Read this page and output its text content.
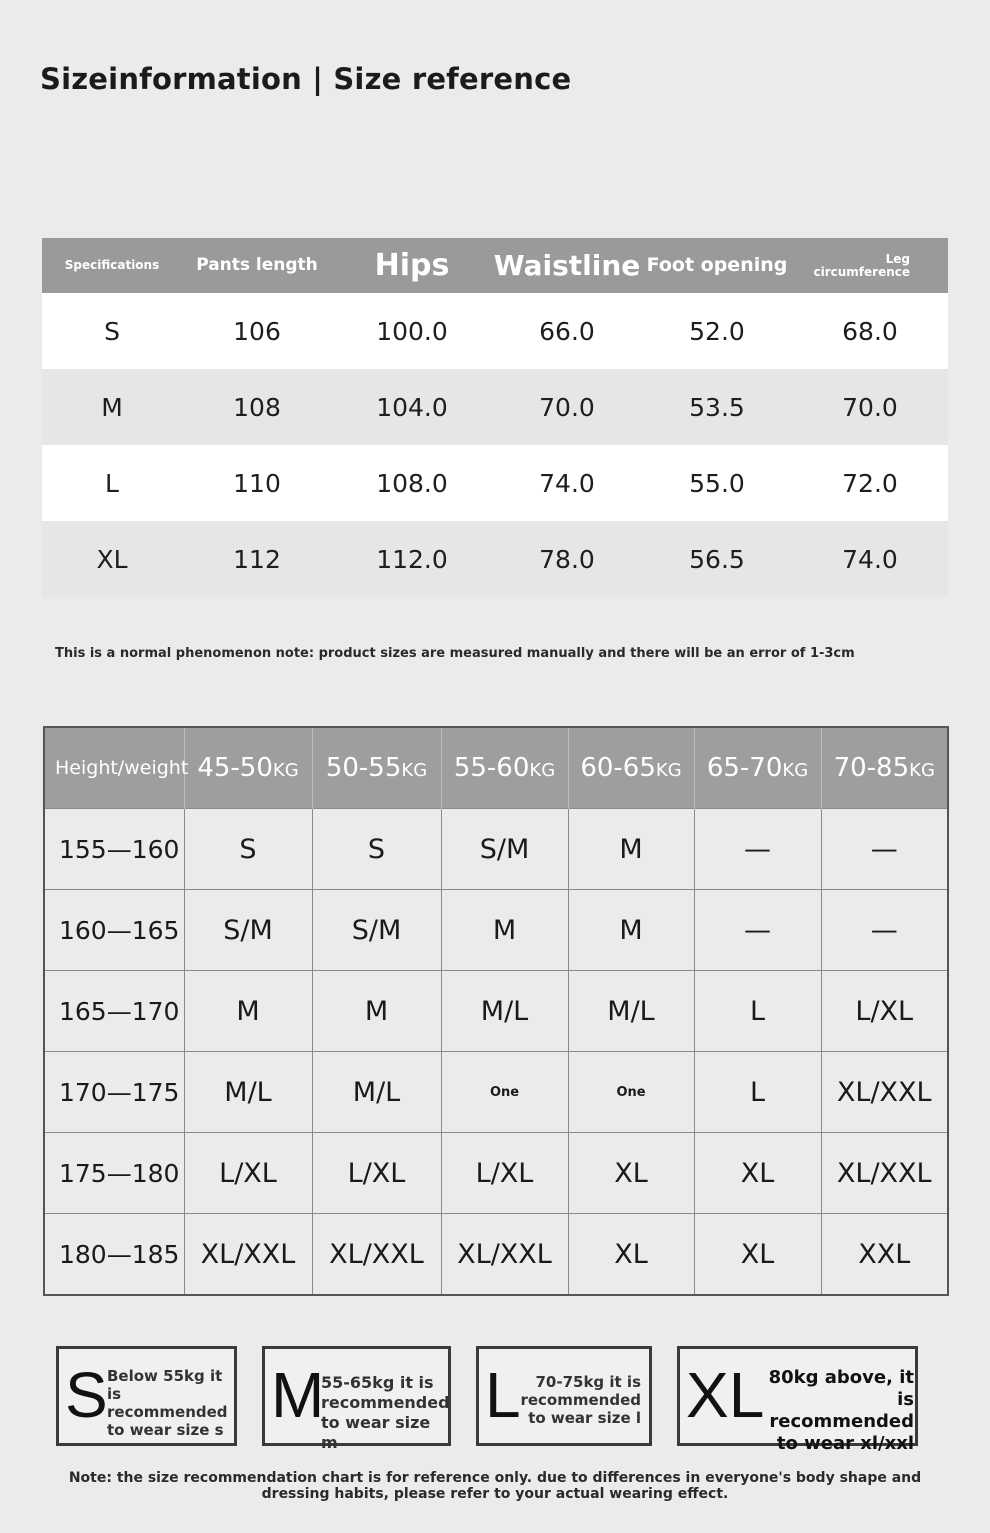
Sizeinformation | Size reference
Specifications	Pants length	Hips	Waistline	Foot opening	Leg
circumference
S	106	100.0	66.0	52.0	68.0
M	108	104.0	70.0	53.5	70.0
L	110	108.0	74.0	55.0	72.0
XL	112	112.0	78.0	56.5	74.0

This is a normal phenomenon note: product sizes are measured manually and there will be an error of 1-3cm

Height/weight	45-50KG	50-55KG	55-60KG	60-65KG	65-70KG	70-85KG
155—160	S	S	S/M	M	—	—
160—165	S/M	S/M	M	M	—	—
165—170	M	M	M/L	M/L	L	L/XL
170—175	M/L	M/L	One	One	L	XL/XXL
175—180	L/XL	L/XL	L/XL	XL	XL	XL/XXL
180—185	XL/XXL	XL/XXL	XL/XXL	XL	XL	XXL
S Below 55kg it
is
recommended
to wear size s M
55-65kg it is
recommended
to wear size m
L 70-75kg it is
recommended
to wear size l XL 80kg above, it is
recommended
to wear xl/xxl

Note: the size recommendation chart is for reference only. due to differences in everyone's body shape and
dressing habits, please refer to your actual wearing effect.
